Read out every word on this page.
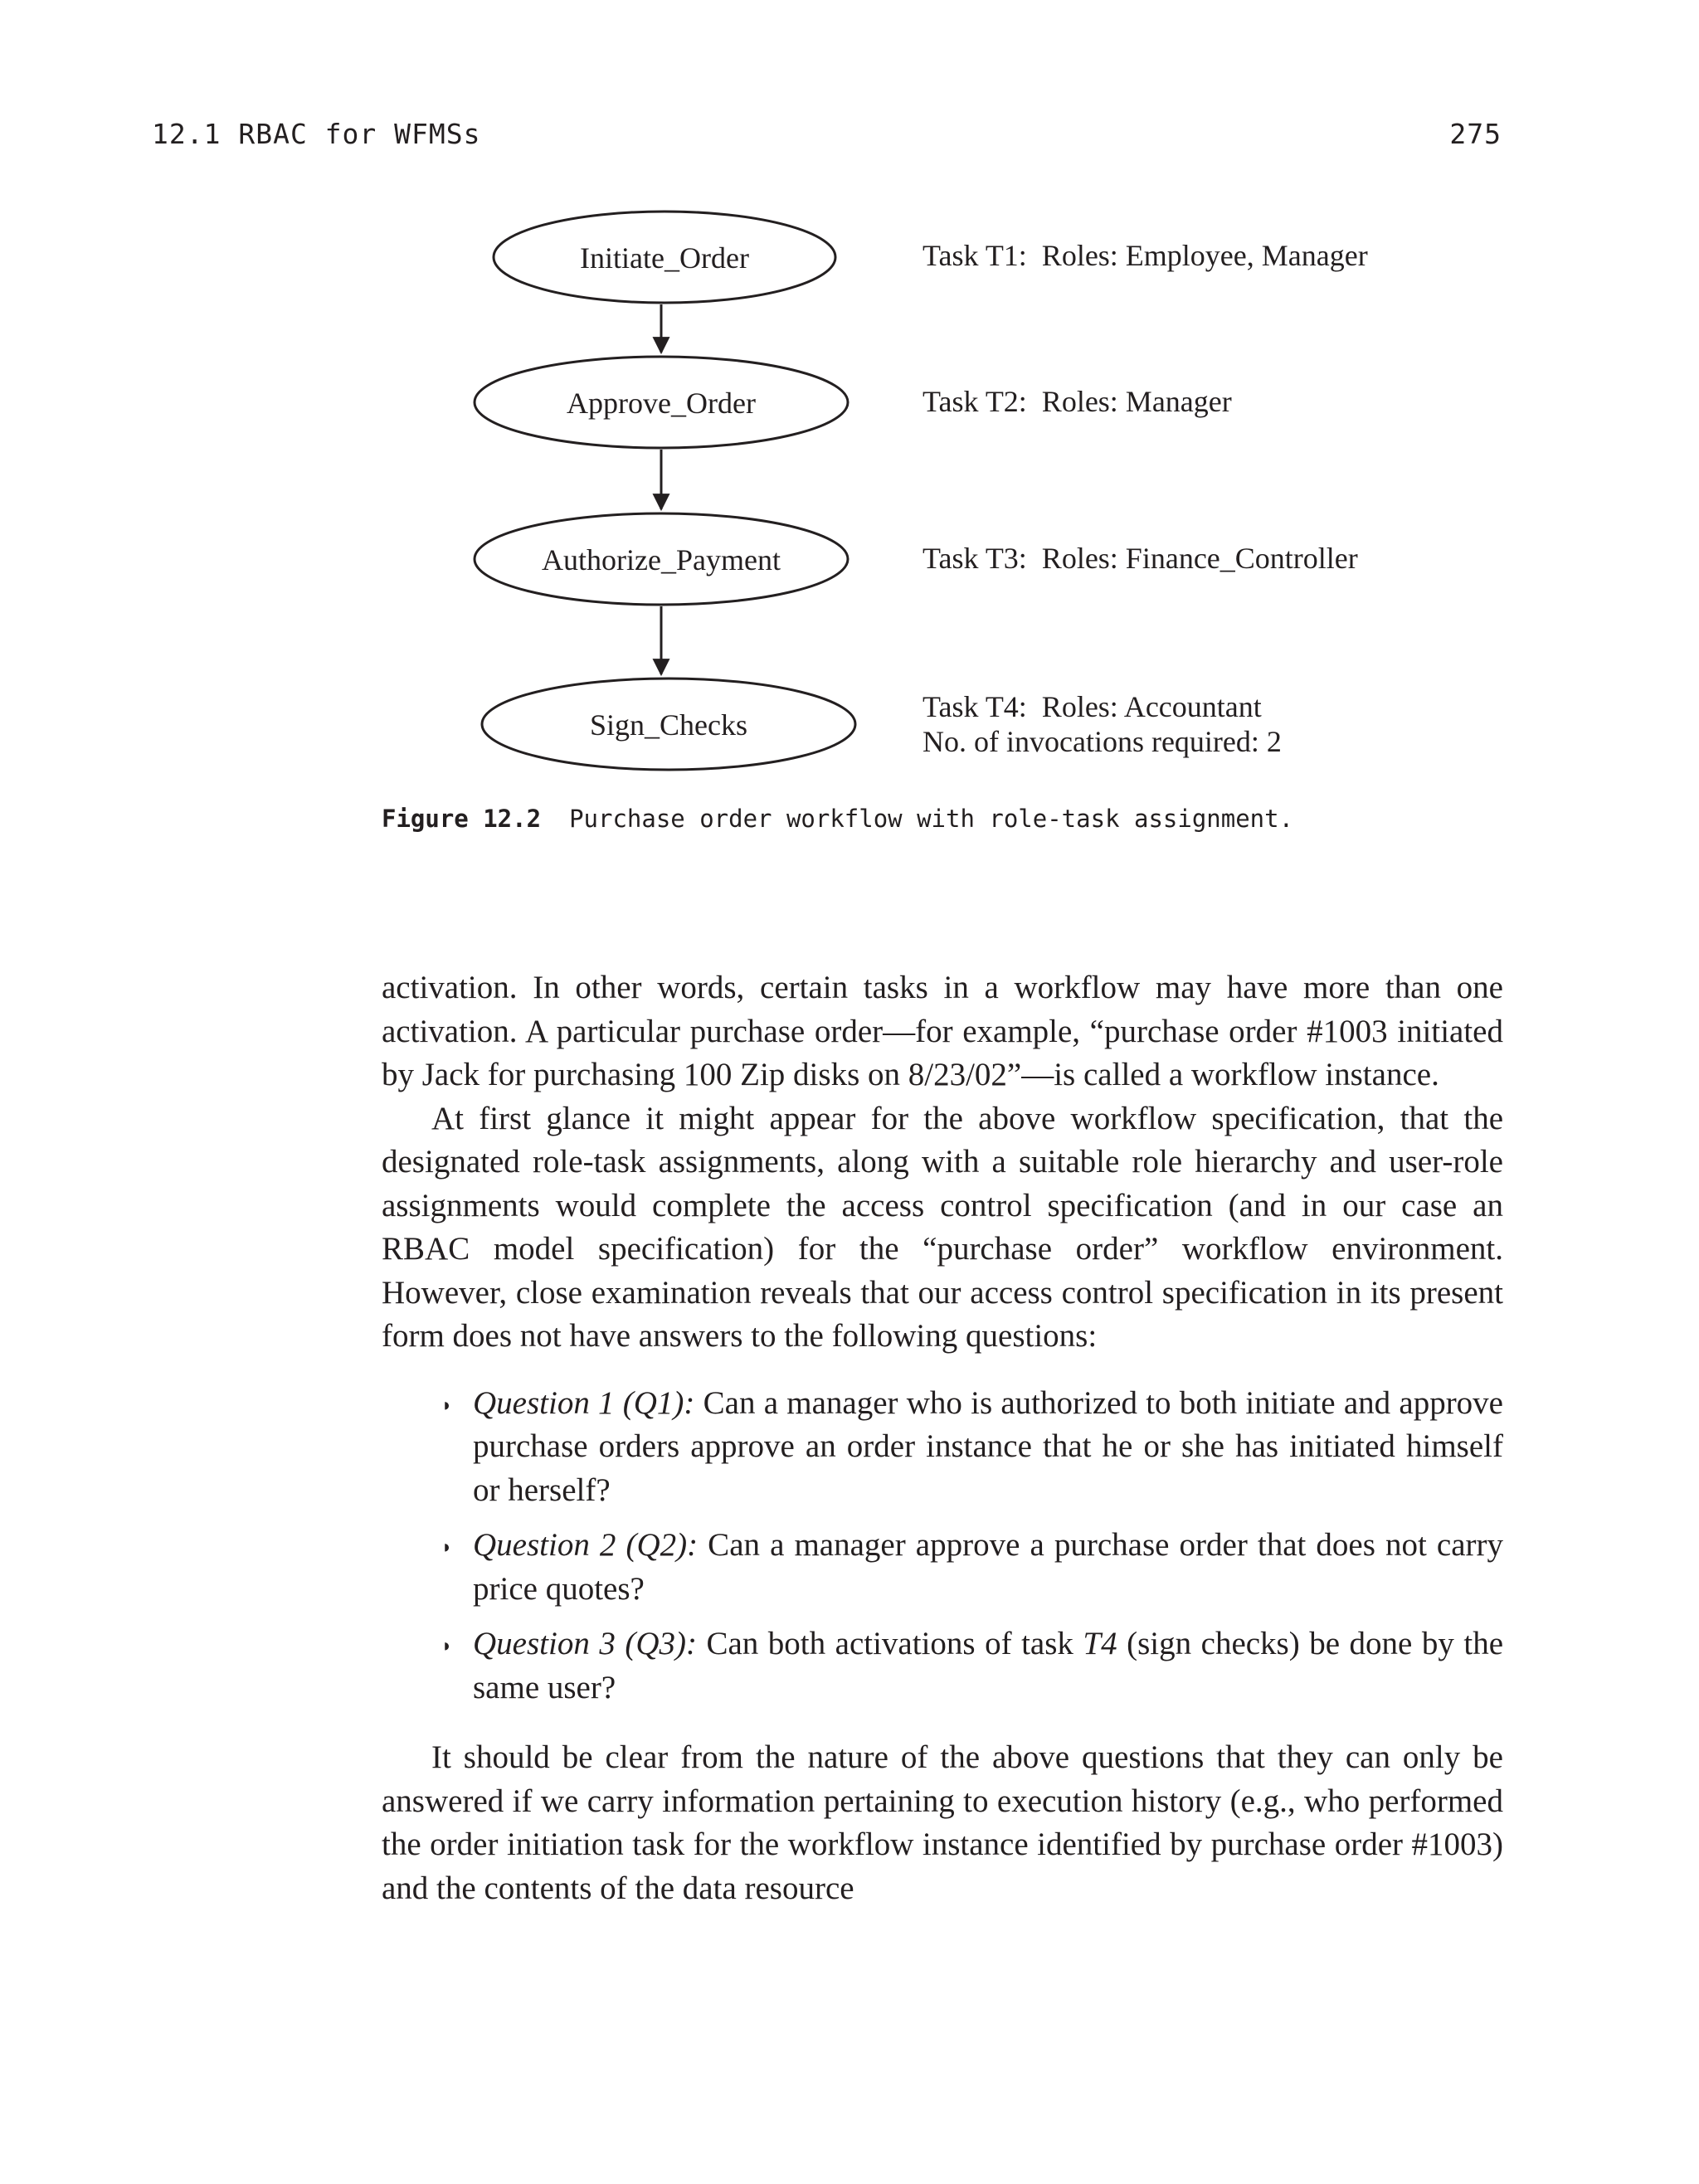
12.1 RBAC for WFMSs	275
Initiate_Order
Approve_Order
Authorize_Payment
Sign_Checks
Task T1:  Roles: Employee, Manager
Task T2:  Roles: Manager
Task T3:  Roles: Finance_Controller
Task T4:  Roles: Accountant
No. of invocations required: 2
Figure 12.2 Purchase order workflow with role-task assignment.

activation. In other words, certain tasks in a workflow may have more than one activation. A particular purchase order—for example, “purchase order #1003 initiated by Jack for purchasing 100 Zip disks on 8/23/02”—is called a workflow instance.

At first glance it might appear for the above workflow specification, that the designated role-task assignments, along with a suitable role hierarchy and user-role assignments would complete the access control specification (and in our case an RBAC model specification) for the “purchase order” workflow environment. However, close examination reveals that our access control specification in its present form does not have answers to the following questions:

◗ Question 1 (Q1): Can a manager who is authorized to both initiate and approve purchase orders approve an order instance that he or she has initiated himself or herself?
◗ Question 2 (Q2): Can a manager approve a purchase order that does not carry price quotes?
◗ Question 3 (Q3): Can both activations of task T4 (sign checks) be done by the same user?

It should be clear from the nature of the above questions that they can only be answered if we carry information pertaining to execution history (e.g., who performed the order initiation task for the workflow instance identified by purchase order #1003) and the contents of the data resource
